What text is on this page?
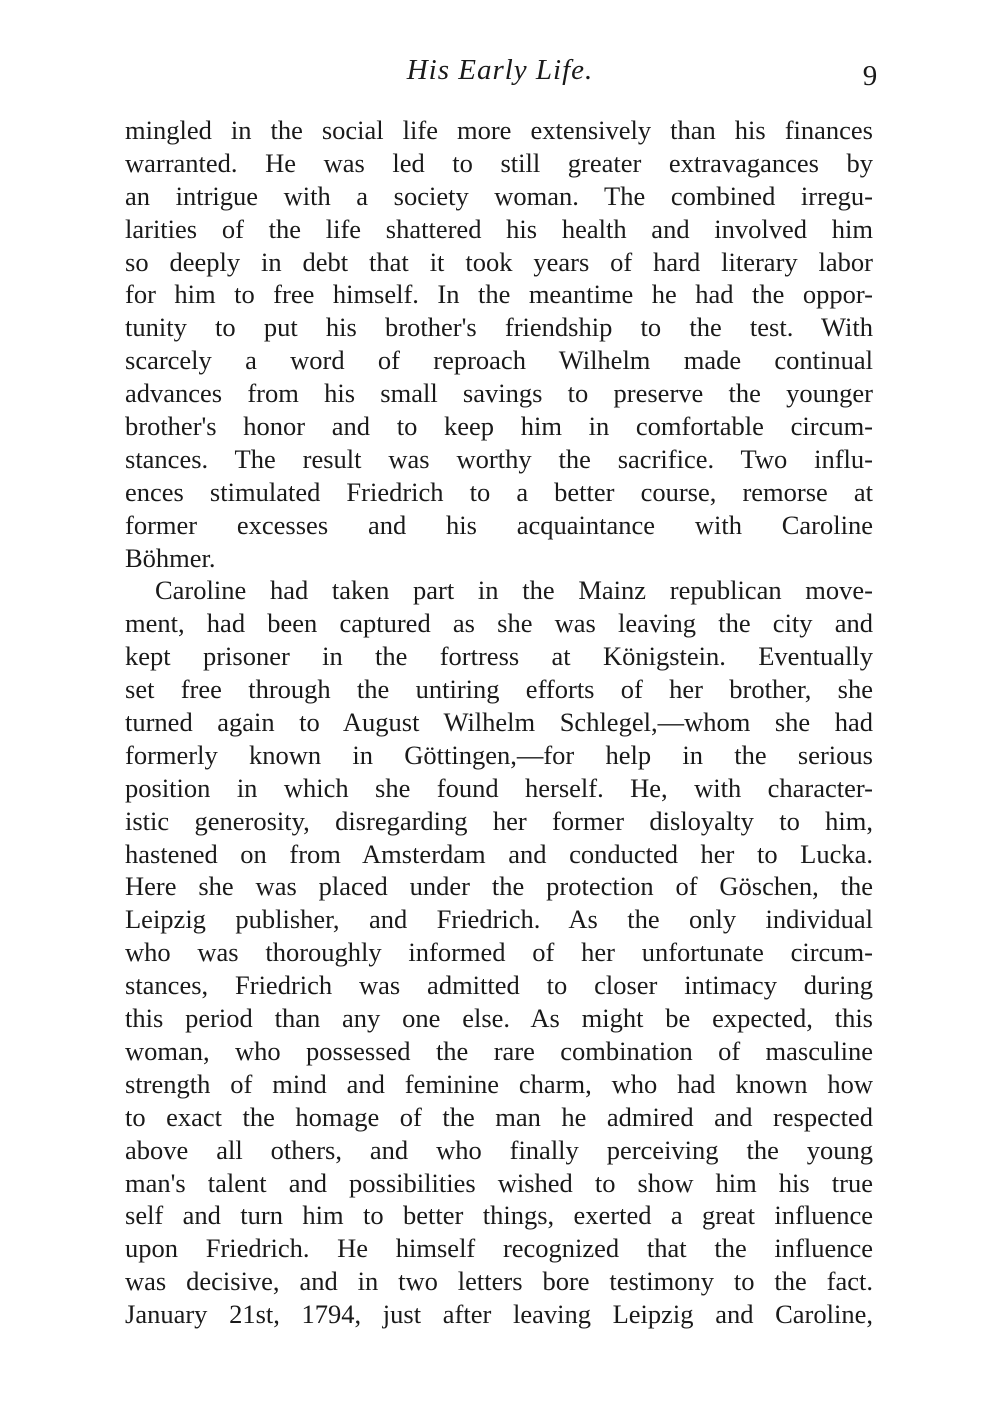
His Early Life.	9
mingled in the social life more extensively than his finances
warranted. He was led to still greater extravagances by
an intrigue with a society woman. The combined irregu-
larities of the life shattered his health and involved him
so deeply in debt that it took years of hard literary labor
for him to free himself. In the meantime he had the oppor-
tunity to put his brother's friendship to the test. With
scarcely a word of reproach Wilhelm made continual
advances from his small savings to preserve the younger
brother's honor and to keep him in comfortable circum-
stances. The result was worthy the sacrifice. Two influ-
ences stimulated Friedrich to a better course, remorse at
former excesses and his acquaintance with Caroline
Böhmer.
Caroline had taken part in the Mainz republican move-
ment, had been captured as she was leaving the city and
kept prisoner in the fortress at Königstein. Eventually
set free through the untiring efforts of her brother, she
turned again to August Wilhelm Schlegel,—whom she had
formerly known in Göttingen,—for help in the serious
position in which she found herself. He, with character-
istic generosity, disregarding her former disloyalty to him,
hastened on from Amsterdam and conducted her to Lucka.
Here she was placed under the protection of Göschen, the
Leipzig publisher, and Friedrich. As the only individual
who was thoroughly informed of her unfortunate circum-
stances, Friedrich was admitted to closer intimacy during
this period than any one else. As might be expected, this
woman, who possessed the rare combination of masculine
strength of mind and feminine charm, who had known how
to exact the homage of the man he admired and respected
above all others, and who finally perceiving the young
man's talent and possibilities wished to show him his true
self and turn him to better things, exerted a great influence
upon Friedrich. He himself recognized that the influence
was decisive, and in two letters bore testimony to the fact.
January 21st, 1794, just after leaving Leipzig and Caroline,
